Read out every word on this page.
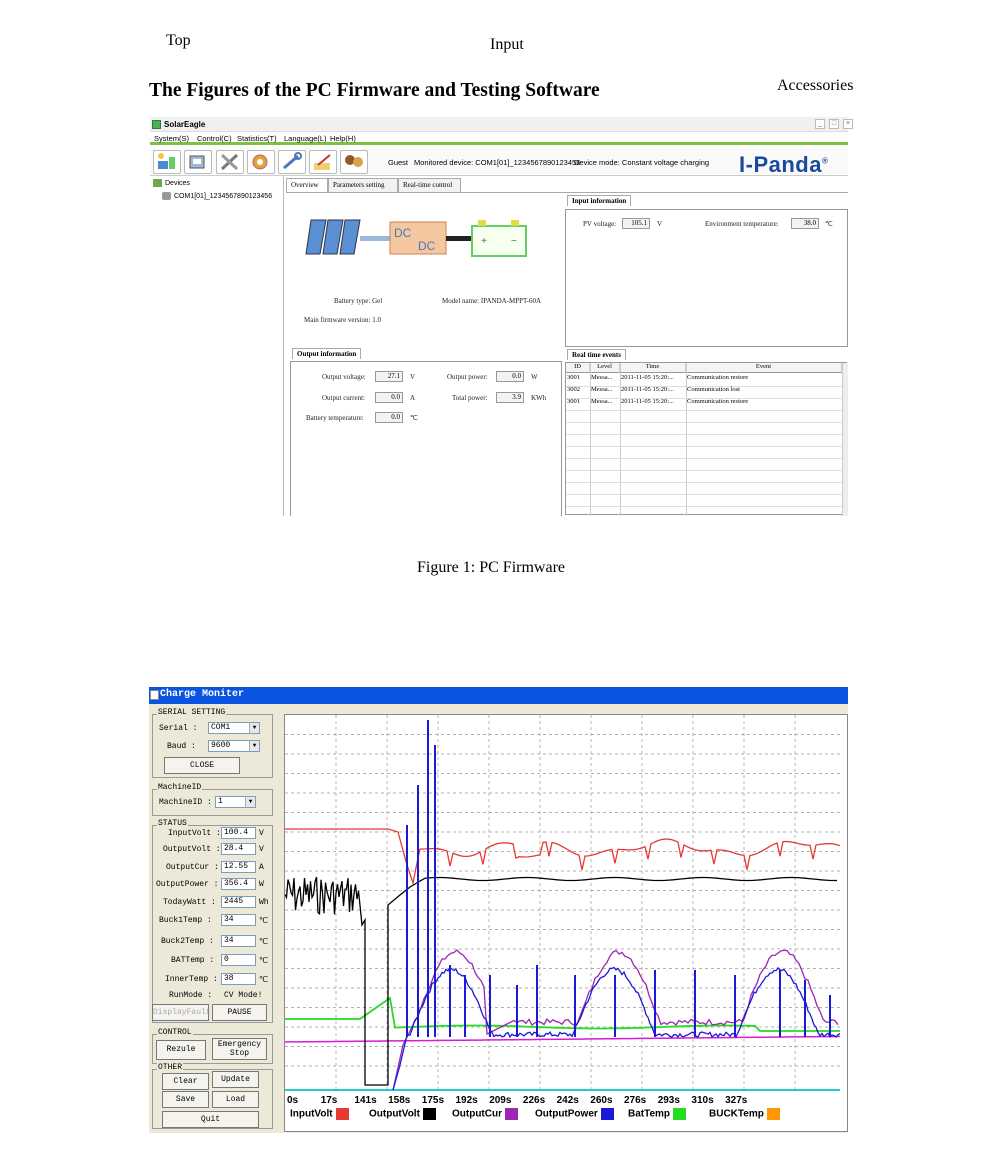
Top	Input
Accessories
The Figures of the PC Firmware and Testing Software
SolarEagle	_	□	×
System(S) Control(C) Statistics(T) Language(L) Help(H)
Guest Monitored device: COM1[01]_1234567890123456
Device mode: Constant voltage charging I-Panda®
Devices
COM1[01]_1234567890123456
Overview	Parameters setting	Real-time control
DC
DC	+ −
Battery type: Gel	Model name: IPANDA-MPPT-60A
Main firmware version: 1.0
Input information
PV voltage:	105.1	V	Environment temperature:	38.0	℃
Output information
Output voltage:	27.1	V	Output power:	0.0	W
Output current:	0.0	A	Total power:	3.9	KWh
Battery temperature:	0.0	℃
Real time events
ID	Level	Time	Event
3001	Messa...	2011-11-05 15:20:...	Communication restore
3002	Messa...	2011-11-05 15:20:...	Communication lost
3001	Messa...	2011-11-05 15:20:...	Communication restore
Figure 1: PC Firmware
Charge Moniter
SERIAL SETTING
Serial :	COM1	▼
Baud :	9600	▼
CLOSE
MachineID
MachineID : 1	▼
STATUS
InputVolt : 100.4	V
OutputVolt : 28.4	V
OutputCur : 12.55	A
OutputPower : 356.4	W
TodayWatt :	2445	Wh
Buck1Temp :	34	℃
Buck2Temp :	34	℃
BATTemp :	0	℃
InnerTemp : 38	℃
RunMode : CV Mode!
DisplayFault	PAUSE
CONTROL
Rezule
Emergency
Stop
OTHER
Clear	Update
Save	Load
Quit
0s 17s 141s 158s 175s 192s 209s 226s 242s 260s 276s 293s 310s 327s
InputVolt	OutputVolt	OutputCur	OutputPower	BatTemp	BUCKTemp
